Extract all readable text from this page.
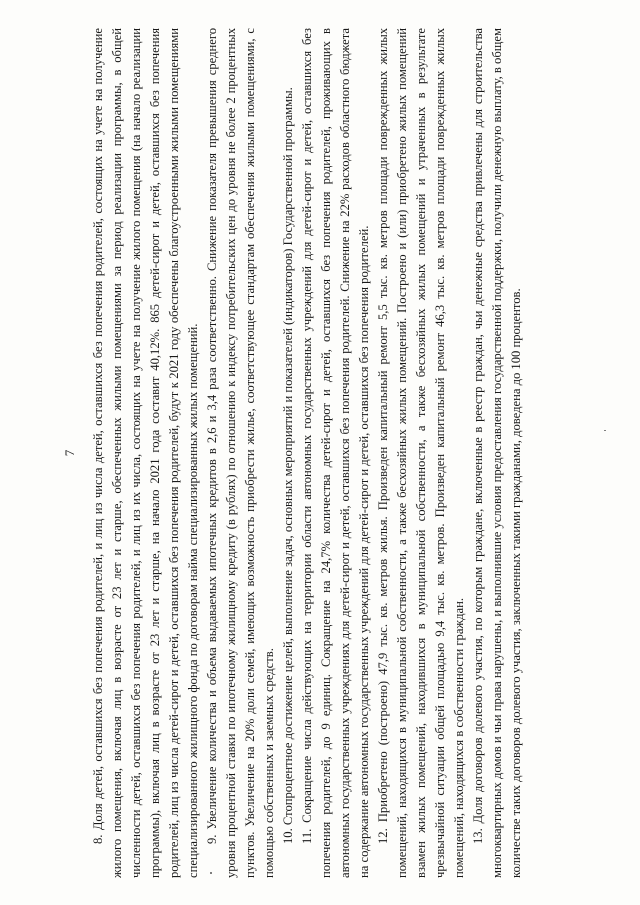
7 8. Доля детей, оставшихся без попечения родителей, и лиц из числа детей, оставшихся без попечения родителей, состоящих на учете на получение жилого помещения, включая лиц в возрасте от 23 лет и старше, обеспеченных жилыми помещениями за период реализации программы, в общей численности детей, оставшихся без попечения родителей, и лиц из их числа, состоящих на учете на получение жилого помещения (на начало реализации программы), включая лиц в возрасте от 23 лет и старше, на начало 2021 года составит 40,12%. 865 детей-сирот и детей, оставшихся без попечения родителей, лиц из числа детей-сирот и детей, оставшихся без попечения родителей, будут к 2021 году обеспечены благоустроенными жилыми помещениями специализированного жилищного фонда по договорам найма специализированных жилых помещений. 9. Увеличение количества и объема выдаваемых ипотечных кредитов в 2,6 и 3,4 раза соответственно. Снижение показателя превышения среднего уровня процентной ставки по ипотечному жилищному кредиту (в рублях) по отношению к индексу потребительских цен до уровня не более 2 процентных пунктов. Увеличение на 20% доли семей, имеющих возможность приобрести жилье, соответствующее стандартам обеспечения жилыми помещениями, с помощью собственных и заемных средств. 10. Стопроцентное достижение целей, выполнение задач, основных мероприятий и показателей (индикаторов) Государственной программы. 11. Сокращение числа действующих на территории области автономных государственных учреждений для детей-сирот и детей, оставшихся без попечения родителей, до 9 единиц. Сокращение на 24,7% количества детей-сирот и детей, оставшихся без попечения родителей, проживающих в автономных государственных учреждениях для детей-сирот и детей, оставшихся без попечения родителей. Снижение на 22% расходов областного бюджета на содержание автономных государственных учреждений для детей-сирот и детей, оставшихся без попечения родителей. 12. Приобретено (построено) 47,9 тыс. кв. метров жилья. Произведен капитальный ремонт 5,5 тыс. кв. метров площади поврежденных жилых помещений, находящихся в муниципальной собственности, а также бесхозяйных жилых помещений. Построено и (или) приобретено жилых помещений взамен жилых помещений, находившихся в муниципальной собственности, а также бесхозяйных жилых помещений и утраченных в результате чрезвычайной ситуации общей площадью 9,4 тыс. кв. метров. Произведен капитальный ремонт 46,3 тыс. кв. метров площади поврежденных жилых помещений, находящихся в собственности граждан. 13. Доля договоров долевого участия, по которым граждане, включенные в реестр граждан, чьи денежные средства привлечены для строительства многоквартирных домов и чьи права нарушены, и выполнившие условия предоставления государственной поддержки, получили денежную выплату, в общем количестве таких договоров долевого участия, заключенных такими гражданами, доведена до 100 процентов.
